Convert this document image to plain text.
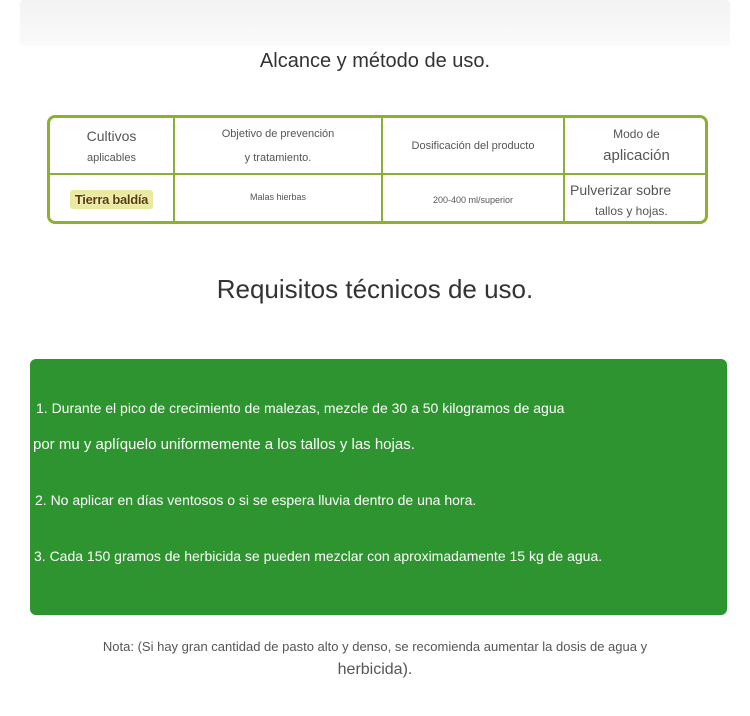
Alcance y método de uso.
Cultivos
aplicables
Objetivo de prevención
y tratamiento.
Dosificación del producto
Modo de
aplicación
Tierra baldía	Malas hierbas	200-400 ml/superior
Pulverizar sobre
tallos y hojas.
Requisitos técnicos de uso.
1. Durante el pico de crecimiento de malezas, mezcle de 30 a 50 kilogramos de agua
por mu y aplíquelo uniformemente a los tallos y las hojas.
2. No aplicar en días ventosos o si se espera lluvia dentro de una hora.
3. Cada 150 gramos de herbicida se pueden mezclar con aproximadamente 15 kg de agua.
Nota: (Si hay gran cantidad de pasto alto y denso, se recomienda aumentar la dosis de agua y
herbicida).
